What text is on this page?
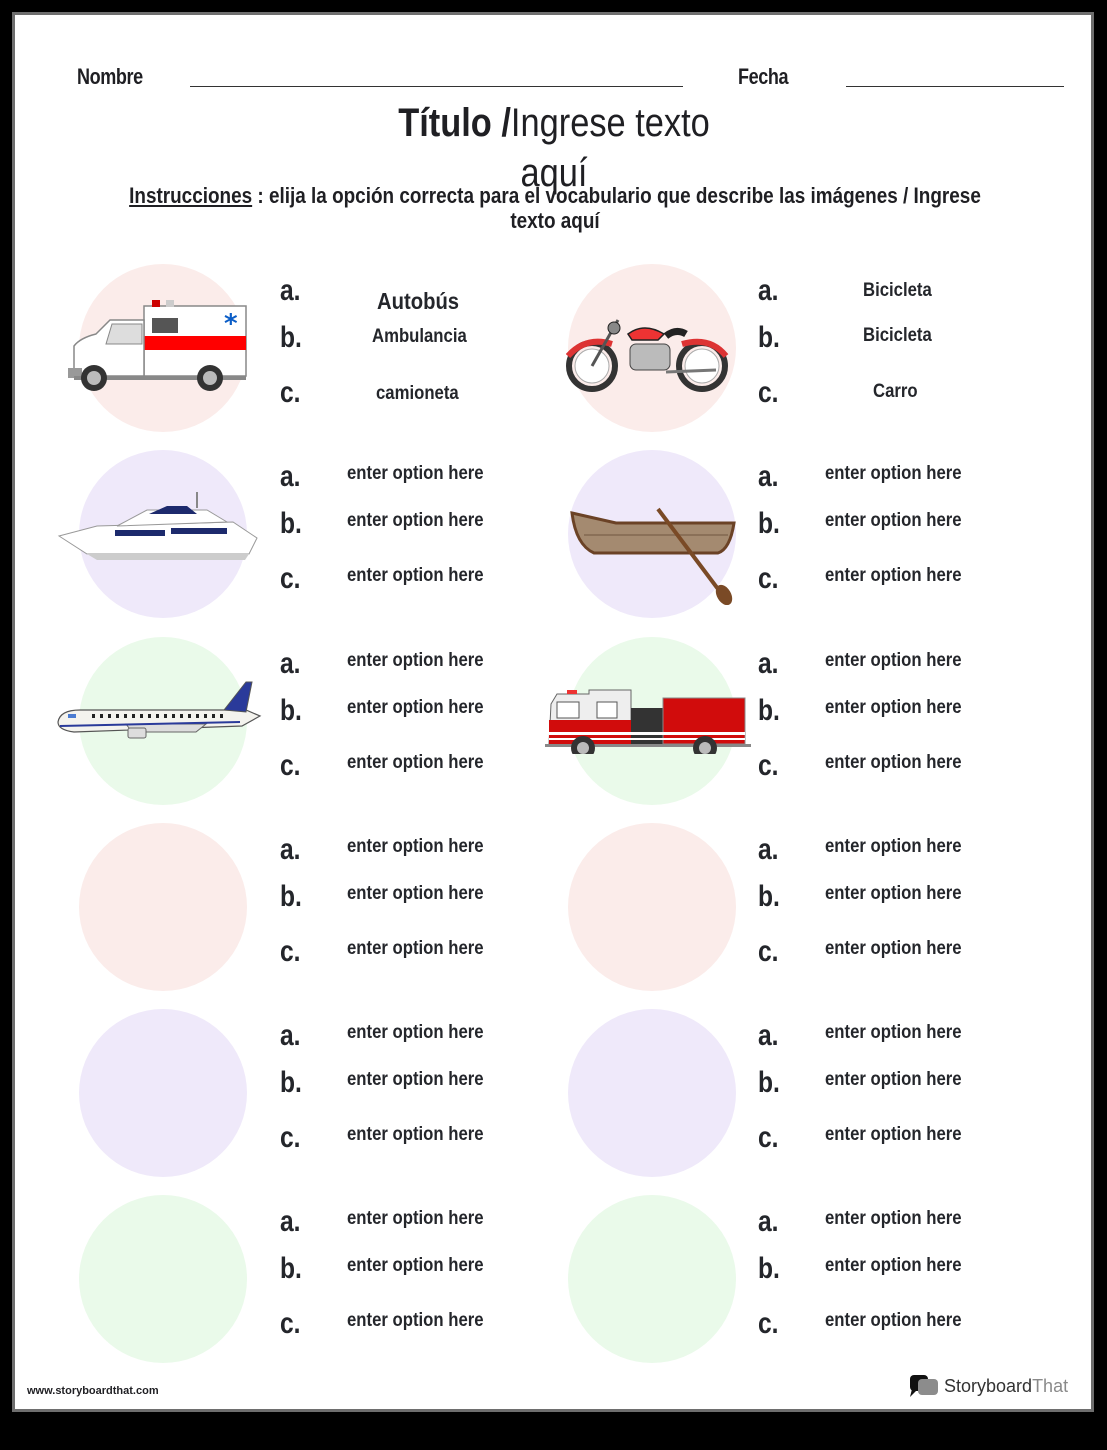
Nombre	Fecha
Título /Ingrese texto aquí
Instrucciones : elija la opción correcta para el vocabulario que describe las imágenes / Ingrese texto aquí
*
a.	Autobús
b.	Ambulancia
c.	camioneta
a.	Bicicleta
b.	Bicicleta
c.	Carro
a. enter option here
b. enter option here
c. enter option here
a. enter option here
b. enter option here
c. enter option here
a. enter option here
b. enter option here
c. enter option here
a. enter option here
b. enter option here
c. enter option here
a. enter option here
b. enter option here
c. enter option here
a. enter option here
b. enter option here
c. enter option here
a. enter option here
b. enter option here
c. enter option here
a. enter option here
b. enter option here
c. enter option here
a. enter option here
b. enter option here
c. enter option here
a. enter option here
b. enter option here
c. enter option here
www.storyboardthat.com	StoryboardThat
